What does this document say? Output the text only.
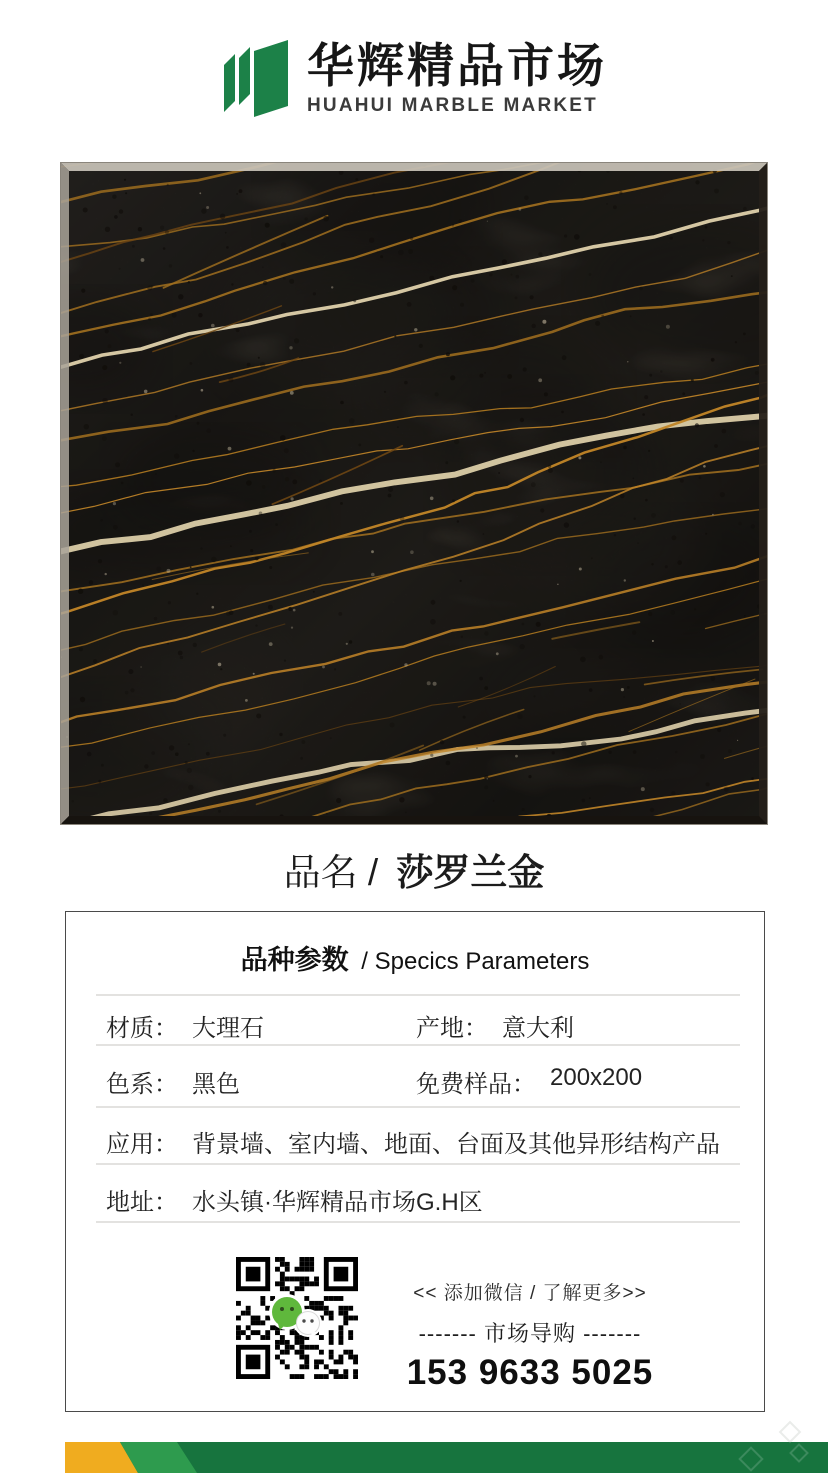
华辉精品市场
HUAHUI MARBLE MARKET
品名 / 莎罗兰金
品种参数 / Specics Parameters
材质： 大理石	产地： 意大利
色系： 黑色	免费样品： 200x200
应用： 背景墙、室内墙、地面、台面及其他异形结构产品
地址： 水头镇·华辉精品市场G.H区
<< 添加微信 / 了解更多>>
------- 市场导购 -------
153 9633 5025
